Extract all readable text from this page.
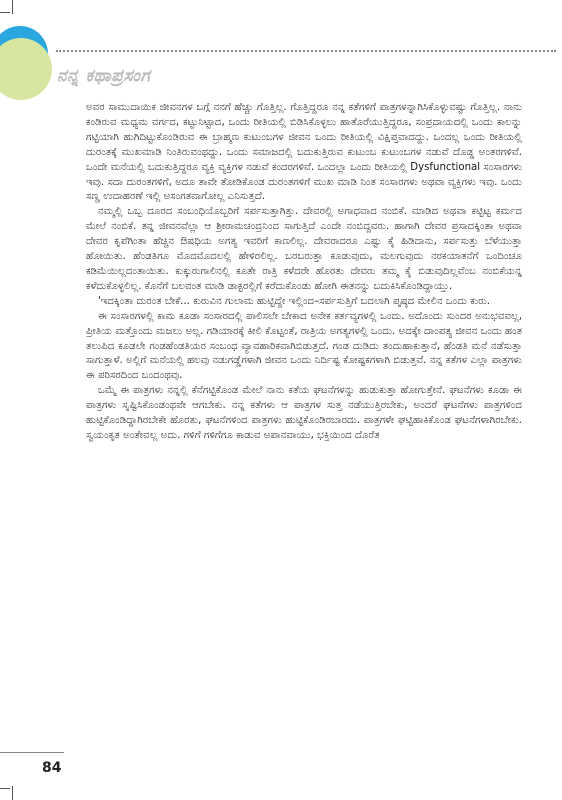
ನನ್ನ ಕಥಾಪ್ರಸಂಗ

ಅವರ ಸಾಮುದಾಯಿಕ ಜೀವನಗಳ ಬಗ್ಗೆ ನನಗೆ ಹೆಚ್ಚು ಗೊತ್ತಿಲ್ಲ. ಗೊತ್ತಿದ್ದರೂ ನನ್ನ ಕತೆಗಳಿಗೆ ಪಾತ್ರಗಳನ್ನಾಗಿಸಿಕೊಳ್ಳುವಷ್ಟು ಗೊತ್ತಿಲ್ಲ. ನಾನು ಕಂಡಿರುವ ಮಧ್ಯಮ ವರ್ಗದ, ಕಟ್ಟುನಿಟ್ಟಾದ, ಒಂದು ರೀತಿಯಲ್ಲಿ ಬಿಡಿಸಿಕೊಳ್ಳಲು ಹಾತೊರೆಯುತ್ತಿದ್ದರೂ, ಸಂಪ್ರದಾಯದಲ್ಲಿ ಒಂದು ಕಾಲನ್ನು ಗಟ್ಟಿಯಾಗಿ ಹುಗಿದಿಟ್ಟುಕೊಂಡಿರುವ ಈ ಬ್ರಾಹ್ಮಣ ಕುಟುಂಬಗಳ ಜೀವನ ಒಂದು ರೀತಿಯಲ್ಲಿ ವಿಕ್ಷಿಪ್ತವಾದದ್ದು. ಒಂದಲ್ಲ ಒಂದು ರೀತಿಯಲ್ಲಿ ದುರಂತಕ್ಕೆ ಮುಖಮಾಡಿ ನಿಂತಿರುವಂಥದ್ದು. ಒಂದು ಸಮಾಜದಲ್ಲಿ ಬದುಕುತ್ತಿರುವ ಕುಟುಂಬ ಕುಟುಂಬಗಳ ನಡುವೆ ದೊಡ್ಡ ಅಂತರಗಳಿವೆ. ಒಂದೇ ಮನೆಯಲ್ಲಿ ಬದುಕುತ್ತಿದ್ದರೂ ವ್ಯಕ್ತಿ ವ್ಯಕ್ತಿಗಳ ನಡುವೆ ಕಂದರಗಳಿವೆ. ಒಂದಲ್ಲಾ ಒಂದು ರೀತಿಯಲ್ಲಿ Dysfunctional ಸಂಸಾರಗಳು ಇವು. ಸದಾ ದುರಂತಗಳಿಗೆ, ಅದೂ ತಾವೇ ತೋಡಿಕೊಂಡ ದುರಂತಗಳಿಗೆ ಮುಖ ಮಾಡಿ ನಿಂತ ಸಂಸಾರಗಳು ಅಥವಾ ವ್ಯಕ್ತಿಗಳು ಇವು. ಒಂದು ಸಣ್ಣ ಉದಾಹರಣೆ ಇಲ್ಲಿ ಅಸಂಗತವಾಗೋಲ್ಲ ಎನಿಸುತ್ತದೆ.

ನಮ್ಮಲ್ಲಿ ಒಬ್ಬ ದೂರದ ಸಂಬಂಧಿಯೊಬ್ಬರಿಗೆ ಸರ್ಪಸುತ್ತಾಗಿತ್ತು. ದೇವರಲ್ಲಿ ಅಗಾಧವಾದ ನಂಬಿಕೆ. ಮಾಡಿದ ಅಥವಾ ಕಟ್ಟಿಟ್ಟ ಕರ್ಮದ ಮೇಲೆ ನಂಬಿಕೆ. ತನ್ನ ಜೀವನವೆಲ್ಲಾ ಆ ಶ್ರೀರಾಮಚಂದ್ರನಿಂದ ಸಾಗುತ್ತಿದೆ ಎಂದೇ ನಂಬಿದ್ದವರು. ಹಾಗಾಗಿ ದೇವರ ಪ್ರಸಾದಕ್ಕಿಂತಾ ಅಥವಾ ದೇವರ ಕೃಪೆಗಿಂತಾ ಹೆಚ್ಚಿನ ಔಷಧಿಯ ಅಗತ್ಯ ಇವರಿಗೆ ಕಾಣಲಿಲ್ಲ. ದೇವರಾದರೂ ಎಷ್ಟು ಕೈ ಹಿಡಿದಾನು, ಸರ್ಪಸುತ್ತು ಬೆಳೆಯುತ್ತಾ ಹೋಯಿತು. ಹೆಂಡತಿಗೂ ಮೊದಮೊದಲಲ್ಲಿ ಹೇಳಿರಲಿಲ್ಲ. ಬರಬರುತ್ತಾ ಕೂಡುವುದು, ಮಲಗುವುದು ನರಕಯಾತನೆಗೆ ಒಂದಿಂಚೂ ಕಡಿಮೆಯಿಲ್ಲದಂತಾಯಿತು. ಕುಕ್ಕುರುಗಾಲಿನಲ್ಲಿ ಕೂತೇ ರಾತ್ರಿ ಕಳೆದರೇ ಹೊರತು ದೇವರು ತಮ್ಮ ಕೈ ಬಿಡುವುದಿಲ್ಲವೆಂಬ ನಂಬಿಕೆಯನ್ನ ಕಳೆದುಕೊಳ್ಳಲಿಲ್ಲ. ಕೊನೆಗೆ ಬಲವಂತ ಮಾಡಿ ಡಾಕ್ಟರಲ್ಲಿಗೆ ಕರೆದುಕೊಂಡು ಹೋಗಿ ಈತನನ್ನು ಬದುಕಿಸಿಕೊಂಡಿದ್ದಾಯ್ತು.

'ಇದಕ್ಕಿಂತಾ ದುರಂತ ಬೇಕೆ... ಕುರುವಿನ ಗುಲಾಮ ಹುಟ್ಟಿದ್ದೇ ಇಲ್ಲಿಂದ–ಸರ್ಪಸುತ್ತಿಗೆ ಬದಲಾಗಿ ಪೃಷ್ಠದ ಮೇಲಿನ ಒಂದು ಕುರು.

ಈ ಸಂಸಾರಗಳಲ್ಲಿ ಕಾಮ ಕೂಡಾ ಸಂಸಾರದಲ್ಲಿ ಪಾಲಿಸಲೇ ಬೇಕಾದ ಅನೇಕ ಕರ್ತವ್ಯಗಳಲ್ಲಿ ಒಂದು. ಅದೊಂದು ಸುಂದರ ಅನುಭವವಲ್ಲ, ಪ್ರೀತಿಯ ಮತ್ತೊಂದು ಮಜಲು ಅಲ್ಲ. ಗಡಿಯಾರಕ್ಕೆ ಕೀಲಿ ಕೊಟ್ಟಂತೆ, ರಾತ್ರಿಯ ಅಗತ್ಯಗಳಲ್ಲಿ ಒಂದು. ಅದಕ್ಕೇ ದಾಂಪತ್ಯ ಜೀವನ ಒಂದು ಹಂತ ತಲುಪಿದ ಕೂಡಲೇ ಗಂಡಹೆಂಡತಿಯರ ಸಂಬಂಧ ವ್ಯಾವಹಾರಿಕವಾಗಿಬಿಡುತ್ತದೆ. ಗಂಡ ದುಡಿದು ತಂದುಹಾಕುತ್ತಾನೆ, ಹೆಂಡತಿ ಮನೆ ನಡೆಸುತ್ತಾ ಸಾಗುತ್ತಾಳೆ. ಅಲ್ಲಿಗೆ ಮನೆಯಲ್ಲಿ ಹಲವು ನಡುಗಡ್ಡೆಗಳಾಗಿ ಜೀವನ ಒಂದು ನಿರ್ದಿಷ್ಟ ಕೋಷ್ಟಕಗಳಾಗಿ ಬಿಡುತ್ತವೆ. ನನ್ನ ಕತೆಗಳ ಎಲ್ಲಾ ಪಾತ್ರಗಳು ಈ ಪರಿಸರದಿಂದ ಬಂದಂಥವು.

ಒಮ್ಮೆ ಈ ಪಾತ್ರಗಳು ನನ್ನಲ್ಲಿ ಕೆನೆಗಟ್ಟಿಕೊಂಡ ಮೇಲೆ ನಾನು ಕತೆಯ ಘಟನೆಗಳನ್ನು ಹುಡುಕುತ್ತಾ ಹೋಗುತ್ತೇನೆ. ಘಟನೆಗಳು ಕೂಡಾ ಈ ಪಾತ್ರಗಳು ಸೃಷ್ಟಿಸಿಕೊಂಡಂಥವೇ ಆಗಬೇಕು. ನನ್ನ ಕತೆಗಳು ಆ ಪಾತ್ರಗಳ ಸುತ್ತ ನಡೆಯುತ್ತಿರಬೇಕು, ಅಂದರೆ ಘಟನೆಗಳು ಪಾತ್ರಗಳಿಂದ ಹುಟ್ಟಿಕೊಂಡಿದ್ದಾಗಿರಬೇಕೇ ಹೊರತು, ಘಟನೆಗಳಿಂದ ಪಾತ್ರಗಳು ಹುಟ್ಟಿಕೊಂಡಿರಬಾರದು. ಪಾತ್ರಗಳೇ ಘಟ್ಟಿಹಾಕಿಕೊಂಡ ಘಟನೆಗಳಾಗಿರಬೇಕು. ಸ್ವಯಂಕೃತ ಅಂತೇವಲ್ಲ ಅದು. ಗಳಿಗೆ ಗಳಿಗೆಗೂ ಕಾಡುವ ಅಪಾನವಾಯು, ಭಕ್ತಿಯಿಂದ ದೊರೆತ

84
